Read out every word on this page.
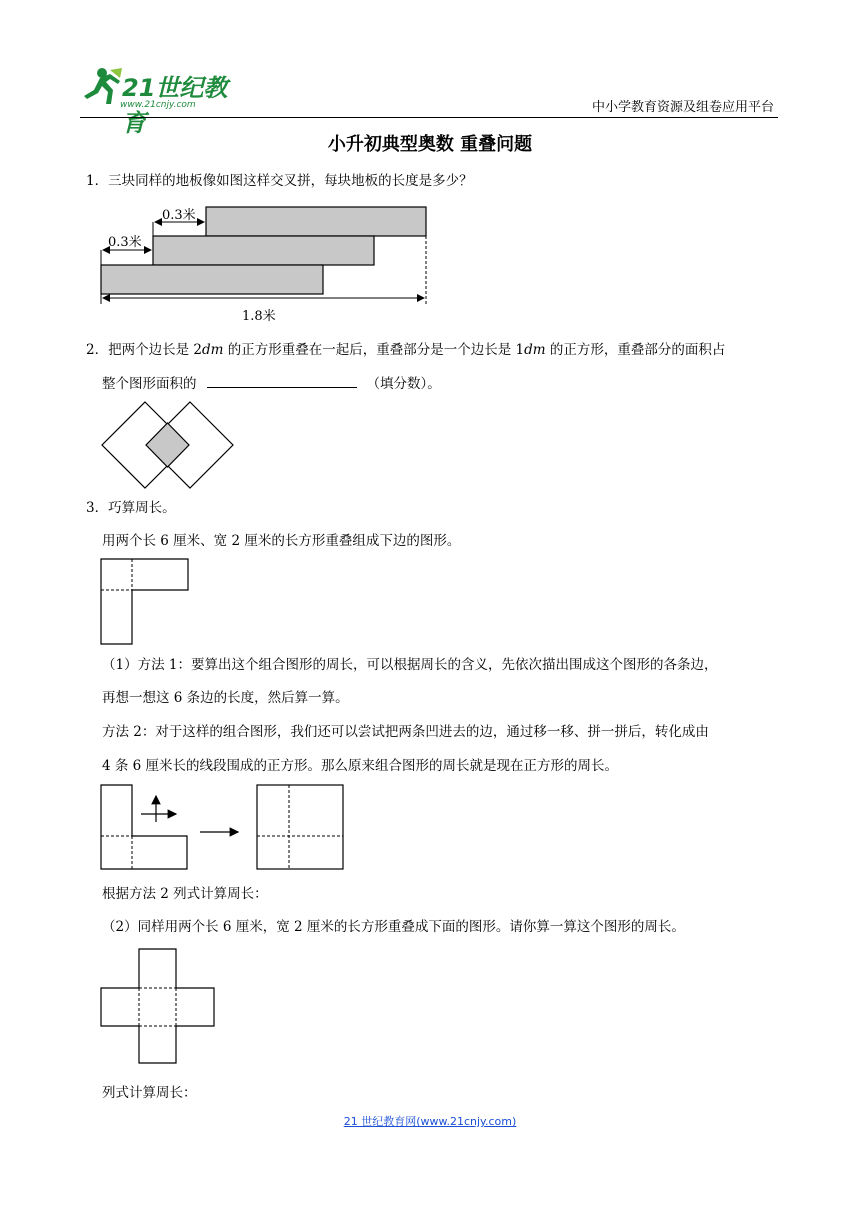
21世纪教育
www.21cnjy.com	中小学教育资源及组卷应用平台
小升初典型奥数 重叠问题
1．三块同样的地板像如图这样交叉拼，每块地板的长度是多少？
0.3米
0.3米
1.8米
2．把两个边长是 2dm 的正方形重叠在一起后，重叠部分是一个边长是 1dm 的正方形，重叠部分的面积占
整个图形面积的	（填分数）。
3．巧算周长。
用两个长 6 厘米、宽 2 厘米的长方形重叠组成下边的图形。
（1）方法 1：要算出这个组合图形的周长，可以根据周长的含义，先依次描出围成这个图形的各条边，
再想一想这 6 条边的长度，然后算一算。
方法 2：对于这样的组合图形，我们还可以尝试把两条凹进去的边，通过移一移、拼一拼后，转化成由
4 条 6 厘米长的线段围成的正方形。那么原来组合图形的周长就是现在正方形的周长。
根据方法 2 列式计算周长：
（2）同样用两个长 6 厘米，宽 2 厘米的长方形重叠成下面的图形。请你算一算这个图形的周长。
列式计算周长：
21 世纪教育网(www.21cnjy.com)
